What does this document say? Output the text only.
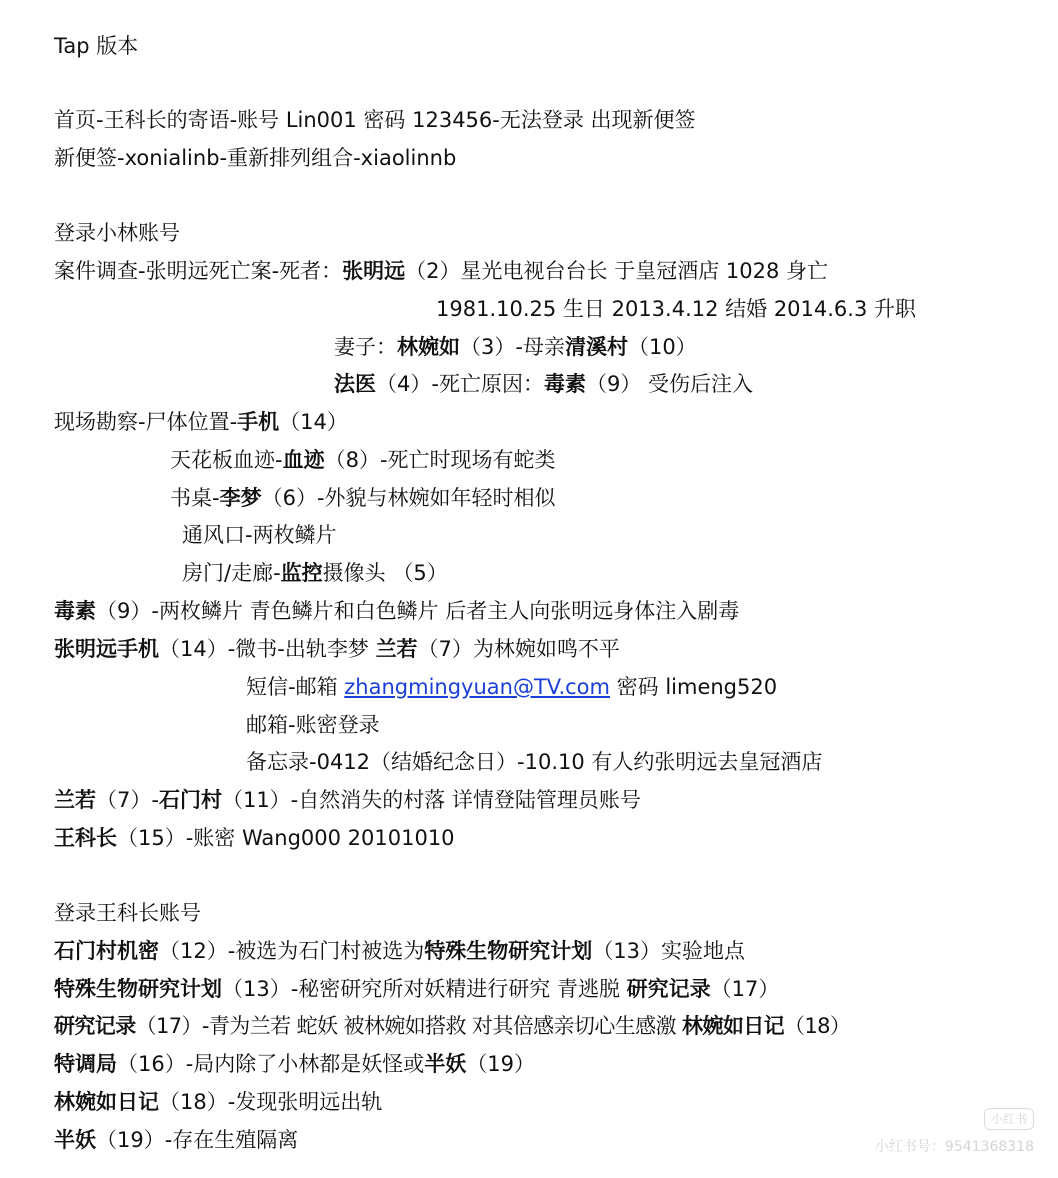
Tap 版本
首页-王科长的寄语-账号 Lin001 密码 123456-无法登录 出现新便签
新便签-xonialinb-重新排列组合-xiaolinnb
登录小林账号
案件调查-张明远死亡案-死者：张明远（2）星光电视台台长 于皇冠酒店 1028 身亡
1981.10.25 生日 2013.4.12 结婚 2014.6.3 升职
妻子：林婉如（3）-母亲清溪村（10）
法医（4）-死亡原因：毒素（9） 受伤后注入
现场勘察-尸体位置-手机（14）
天花板血迹-血迹（8）-死亡时现场有蛇类
书桌-李梦（6）-外貌与林婉如年轻时相似
通风口-两枚鳞片
房门/走廊-监控摄像头 （5）
毒素（9）-两枚鳞片 青色鳞片和白色鳞片 后者主人向张明远身体注入剧毒
张明远手机（14）-微书-出轨李梦 兰若（7）为林婉如鸣不平
短信-邮箱 zhangmingyuan@TV.com 密码 limeng520
邮箱-账密登录
备忘录-0412（结婚纪念日）-10.10 有人约张明远去皇冠酒店
兰若（7）-石门村（11）-自然消失的村落 详情登陆管理员账号
王科长（15）-账密 Wang000 20101010
登录王科长账号
石门村机密（12）-被选为石门村被选为特殊生物研究计划（13）实验地点
特殊生物研究计划（13）-秘密研究所对妖精进行研究 青逃脱 研究记录（17）
研究记录（17）-青为兰若 蛇妖 被林婉如搭救 对其倍感亲切心生感激 林婉如日记（18）
特调局（16）-局内除了小林都是妖怪或半妖（19）
林婉如日记（18）-发现张明远出轨
半妖（19）-存在生殖隔离
小红书
小红书号：9541368318
